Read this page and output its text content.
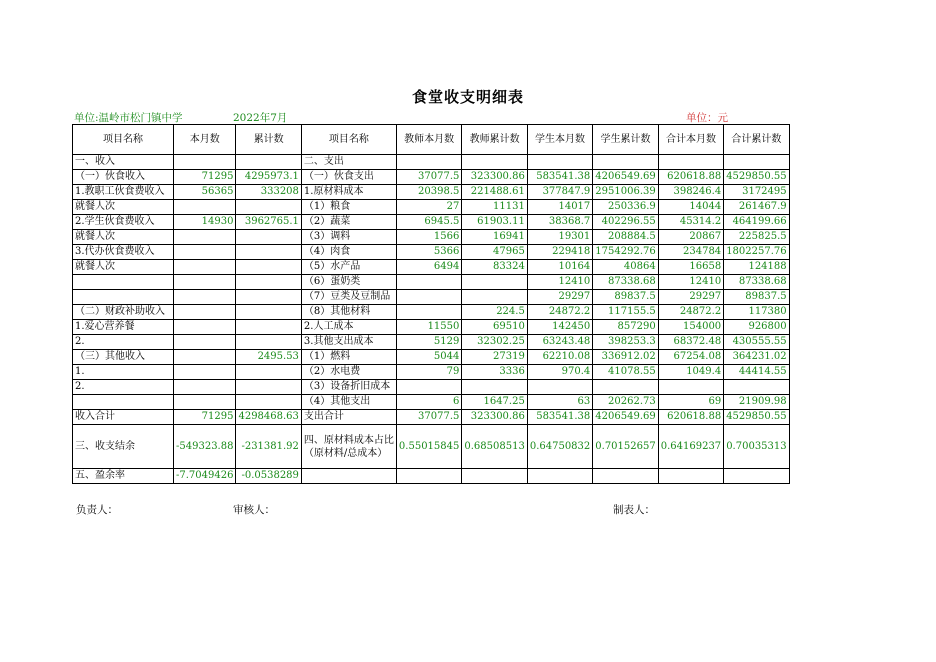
食堂收支明细表
单位:温岭市松门镇中学	2022年7月	单位：元
项目名称	本月数	累计数	项目名称	教师本月数	教师累计数	学生本月数	学生累计数	合计本月数	合计累计数
一、收入			二、支出						
（一）伙食收入	71295	4295973.1	（一）伙食支出	37077.5	323300.86	583541.38	4206549.69	620618.88	4529850.55
1.教职工伙食费收入	56365	333208	1.原材料成本	20398.5	221488.61	377847.9	2951006.39	398246.4	3172495
就餐人次			（1）粮食	27	11131	14017	250336.9	14044	261467.9
2.学生伙食费收入	14930	3962765.1	（2）蔬菜	6945.5	61903.11	38368.7	402296.55	45314.2	464199.66
就餐人次			（3）调料	1566	16941	19301	208884.5	20867	225825.5
3.代办伙食费收入			（4）肉食	5366	47965	229418	1754292.76	234784	1802257.76
就餐人次			（5）水产品	6494	83324	10164	40864	16658	124188
			（6）蛋奶类			12410	87338.68	12410	87338.68
			（7）豆类及豆制品			29297	89837.5	29297	89837.5
（二）财政补助收入			（8）其他材料		224.5	24872.2	117155.5	24872.2	117380
1.爱心营养餐			2.人工成本	11550	69510	142450	857290	154000	926800
2.			3.其他支出成本	5129	32302.25	63243.48	398253.3	68372.48	430555.55
（三）其他收入		2495.53	（1）燃料	5044	27319	62210.08	336912.02	67254.08	364231.02
1.			（2）水电费	79	3336	970.4	41078.55	1049.4	44414.55
2.			（3）设备折旧成本						
			（4）其他支出	6	1647.25	63	20262.73	69	21909.98
收入合计	71295	4298468.63	支出合计	37077.5	323300.86	583541.38	4206549.69	620618.88	4529850.55
三、收支结余	-549323.88	-231381.92	四、原材料成本占比 （原材料/总成本）	0.55015845	0.68508513	0.64750832	0.70152657	0.64169237	0.70035313
五、盈余率	-7.7049426	-0.0538289							
负责人：	审核人：	制表人：
